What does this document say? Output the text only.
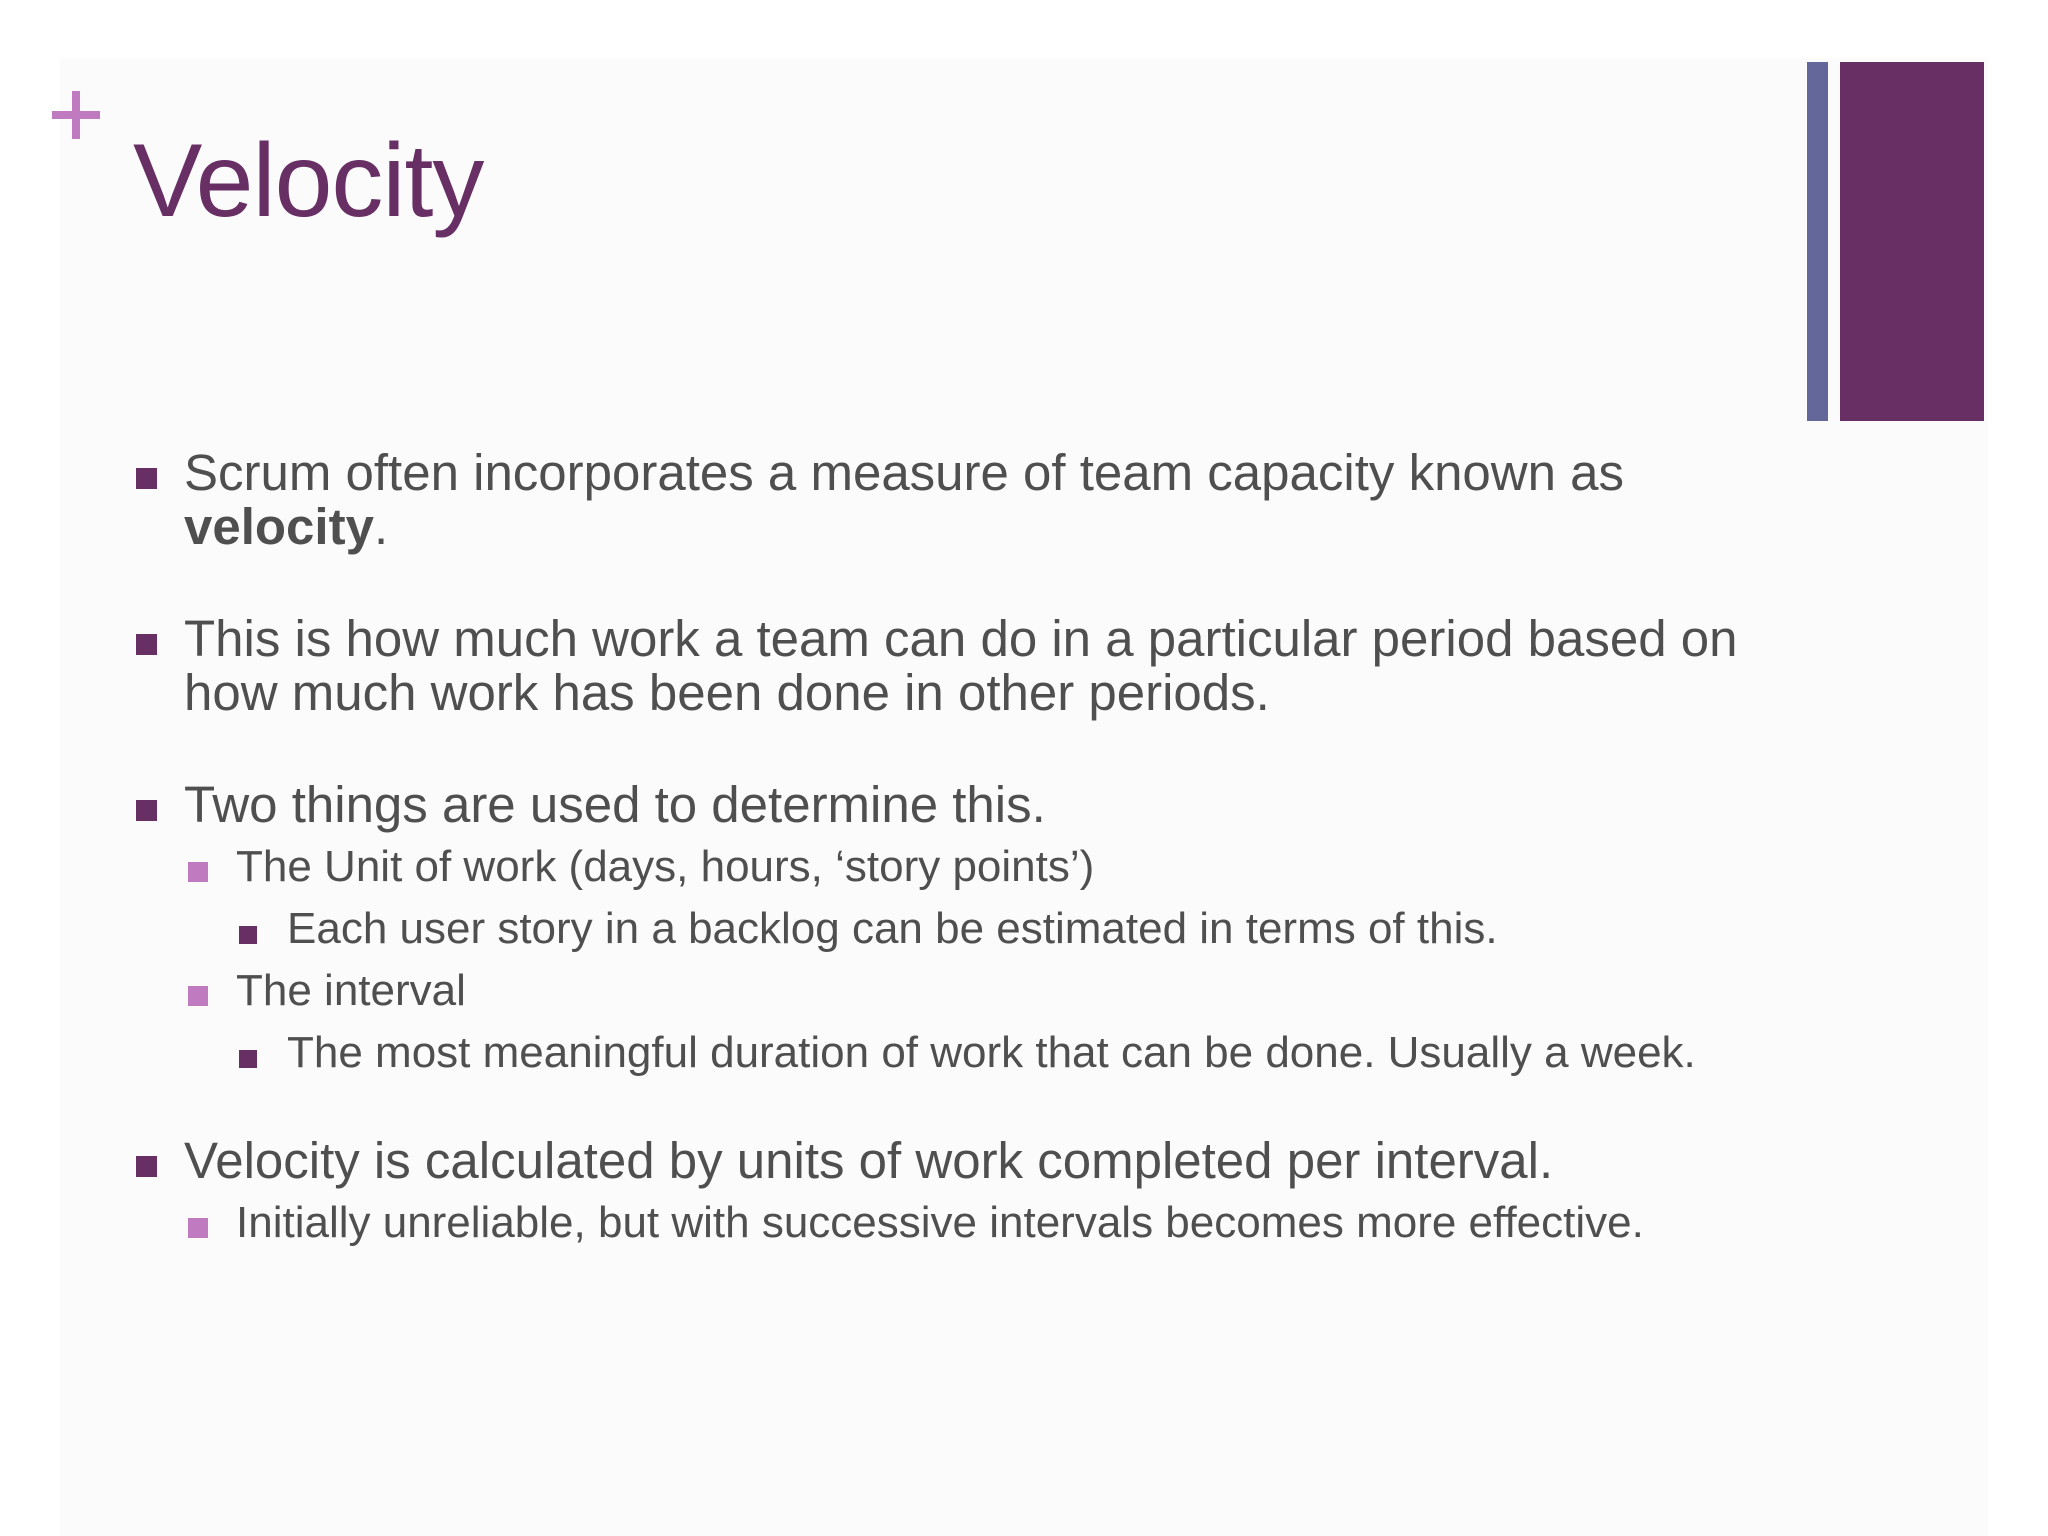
Velocity
Scrum often incorporates a measure of team capacity known as velocity.
This is how much work a team can do in a particular period based on how much work has been done in other periods.
Two things are used to determine this.
The Unit of work (days, hours, ‘story points’)
Each user story in a backlog can be estimated in terms of this.
The interval
The most meaningful duration of work that can be done. Usually a week.
Velocity is calculated by units of work completed per interval.
Initially unreliable, but with successive intervals becomes more effective.
